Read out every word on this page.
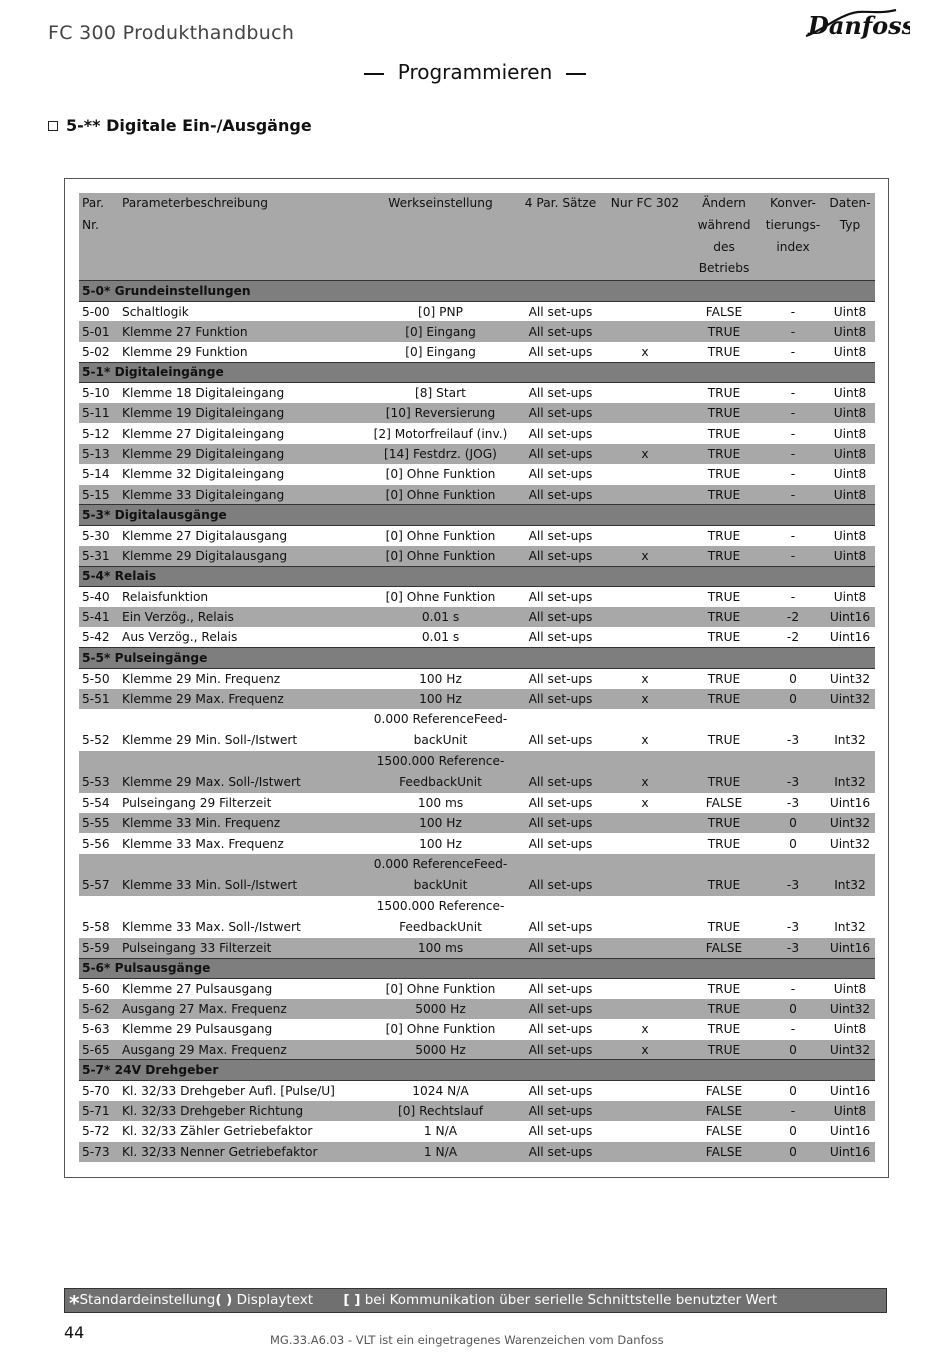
FC 300 Produkthandbuch	Danfoss
Programmieren
5-** Digitale Ein-/Ausgänge
Par.	Parameterbeschreibung	Werkseinstellung	4 Par. Sätze	Nur FC 302	Ändern	Konver-	Daten-
Nr.					während	tierungs-	Typ
					des	index	
					Betriebs		
5-0* Grundeinstellungen							
5-00	Schaltlogik	[0] PNP	All set-ups		FALSE	-	Uint8
5-01	Klemme 27 Funktion	[0] Eingang	All set-ups		TRUE	-	Uint8
5-02	Klemme 29 Funktion	[0] Eingang	All set-ups	x	TRUE	-	Uint8
5-1* Digitaleingänge							
5-10	Klemme 18 Digitaleingang	[8] Start	All set-ups		TRUE	-	Uint8
5-11	Klemme 19 Digitaleingang	[10] Reversierung	All set-ups		TRUE	-	Uint8
5-12	Klemme 27 Digitaleingang	[2] Motorfreilauf (inv.)	All set-ups		TRUE	-	Uint8
5-13	Klemme 29 Digitaleingang	[14] Festdrz. (JOG)	All set-ups	x	TRUE	-	Uint8
5-14	Klemme 32 Digitaleingang	[0] Ohne Funktion	All set-ups		TRUE	-	Uint8
5-15	Klemme 33 Digitaleingang	[0] Ohne Funktion	All set-ups		TRUE	-	Uint8
5-3* Digitalausgänge							
5-30	Klemme 27 Digitalausgang	[0] Ohne Funktion	All set-ups		TRUE	-	Uint8
5-31	Klemme 29 Digitalausgang	[0] Ohne Funktion	All set-ups	x	TRUE	-	Uint8
5-4* Relais							
5-40	Relaisfunktion	[0] Ohne Funktion	All set-ups		TRUE	-	Uint8
5-41	Ein Verzög., Relais	0.01 s	All set-ups		TRUE	-2	Uint16
5-42	Aus Verzög., Relais	0.01 s	All set-ups		TRUE	-2	Uint16
5-5* Pulseingänge							
5-50	Klemme 29 Min. Frequenz	100 Hz	All set-ups	x	TRUE	0	Uint32
5-51	Klemme 29 Max. Frequenz	100 Hz	All set-ups	x	TRUE	0	Uint32
5-52	Klemme 29 Min. Soll-/Istwert	0.000 ReferenceFeed- backUnit	All set-ups	x	TRUE	-3	Int32
5-53	Klemme 29 Max. Soll-/Istwert	1500.000 Reference- FeedbackUnit	All set-ups	x	TRUE	-3	Int32
5-54	Pulseingang 29 Filterzeit	100 ms	All set-ups	x	FALSE	-3	Uint16
5-55	Klemme 33 Min. Frequenz	100 Hz	All set-ups		TRUE	0	Uint32
5-56	Klemme 33 Max. Frequenz	100 Hz	All set-ups		TRUE	0	Uint32
5-57	Klemme 33 Min. Soll-/Istwert	0.000 ReferenceFeed- backUnit	All set-ups		TRUE	-3	Int32
5-58	Klemme 33 Max. Soll-/Istwert	1500.000 Reference- FeedbackUnit	All set-ups		TRUE	-3	Int32
5-59	Pulseingang 33 Filterzeit	100 ms	All set-ups		FALSE	-3	Uint16
5-6* Pulsausgänge							
5-60	Klemme 27 Pulsausgang	[0] Ohne Funktion	All set-ups		TRUE	-	Uint8
5-62	Ausgang 27 Max. Frequenz	5000 Hz	All set-ups		TRUE	0	Uint32
5-63	Klemme 29 Pulsausgang	[0] Ohne Funktion	All set-ups	x	TRUE	-	Uint8
5-65	Ausgang 29 Max. Frequenz	5000 Hz	All set-ups	x	TRUE	0	Uint32
5-7* 24V Drehgeber							
5-70	Kl. 32/33 Drehgeber Aufl. [Pulse/U]	1024 N/A	All set-ups		FALSE	0	Uint16
5-71	Kl. 32/33 Drehgeber Richtung	[0] Rechtslauf	All set-ups		FALSE	-	Uint8
5-72	Kl. 32/33 Zähler Getriebefaktor	1 N/A	All set-ups		FALSE	0	Uint16
5-73	Kl. 32/33 Nenner Getriebefaktor	1 N/A	All set-ups		FALSE	0	Uint16
*Standardeinstellung( ) Displaytext [ ] bei Kommunikation über serielle Schnittstelle benutzter Wert
44	MG.33.A6.03 - VLT ist ein eingetragenes Warenzeichen vom Danfoss
